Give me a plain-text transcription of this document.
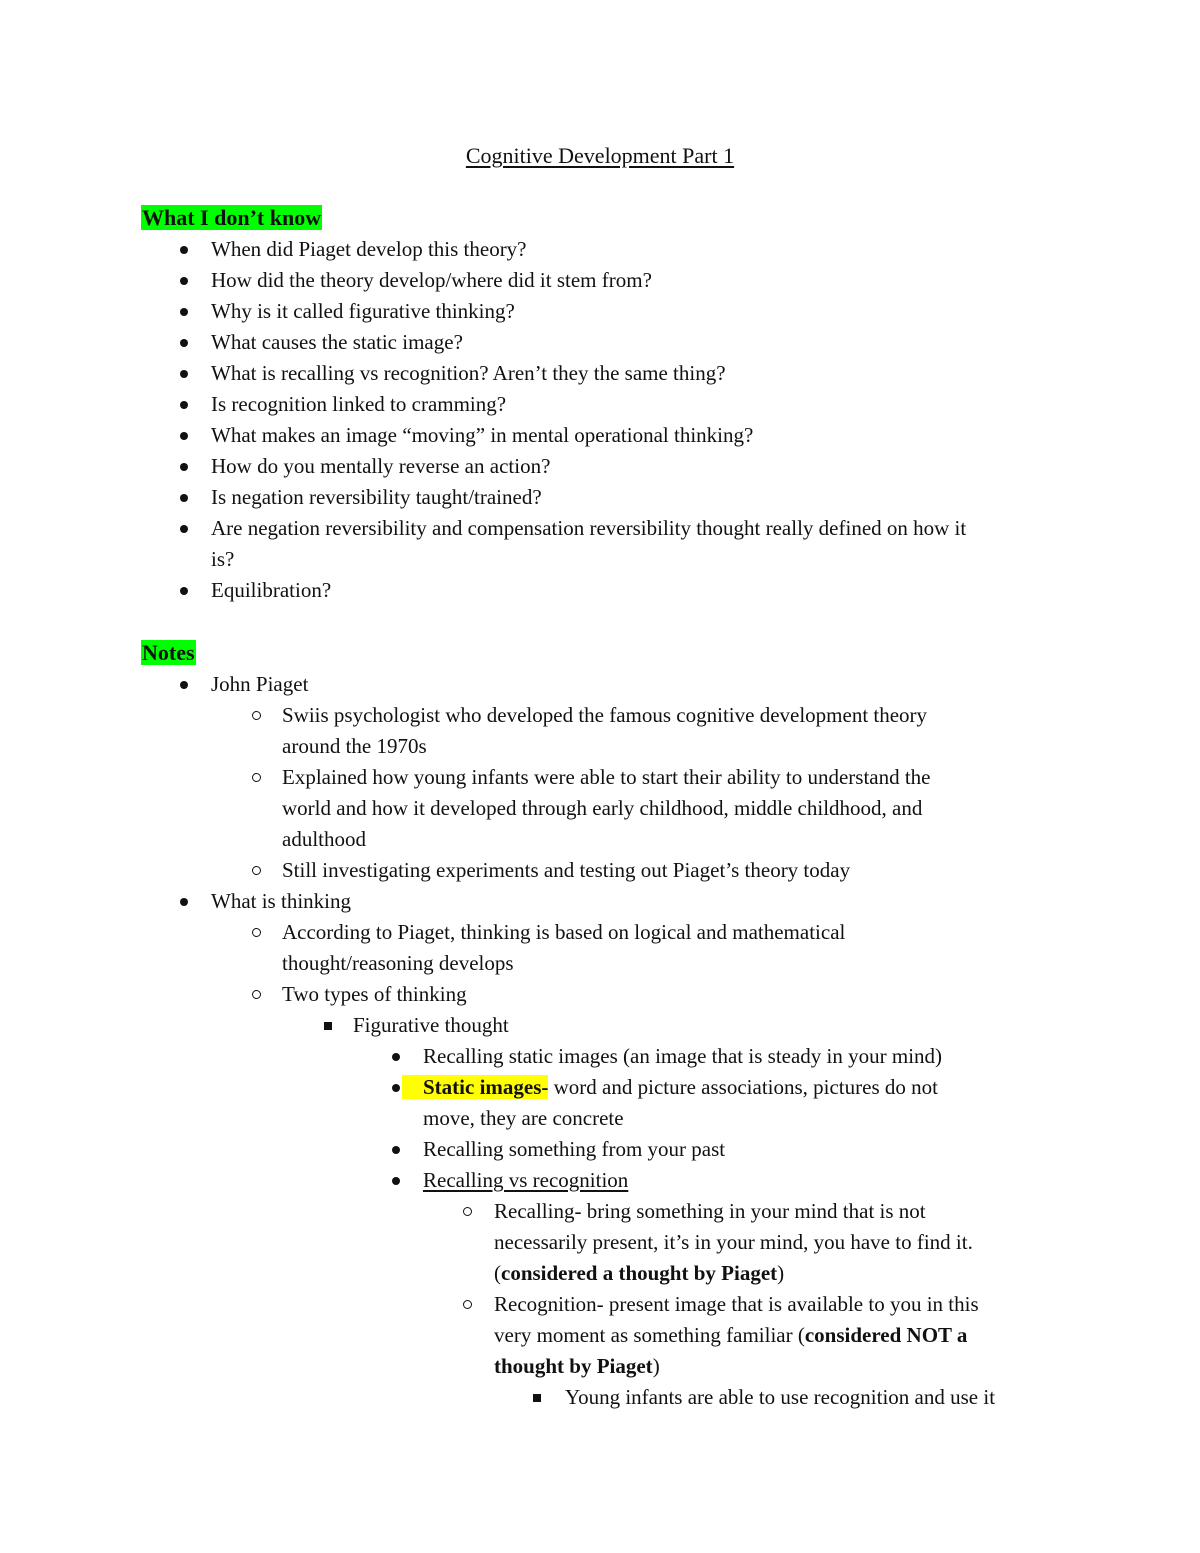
Cognitive Development Part 1
What I don’t know
When did Piaget develop this theory?
How did the theory develop/where did it stem from?
Why is it called figurative thinking?
What causes the static image?
What is recalling vs recognition? Aren’t they the same thing?
Is recognition linked to cramming?
What makes an image “moving” in mental operational thinking?
How do you mentally reverse an action?
Is negation reversibility taught/trained?
Are negation reversibility and compensation reversibility thought really defined on how it
is?
Equilibration?
Notes
John Piaget
Swiis psychologist who developed the famous cognitive development theory
around the 1970s
Explained how young infants were able to start their ability to understand the
world and how it developed through early childhood, middle childhood, and
adulthood
Still investigating experiments and testing out Piaget’s theory today
What is thinking
According to Piaget, thinking is based on logical and mathematical
thought/reasoning develops
Two types of thinking
Figurative thought
Recalling static images (an image that is steady in your mind)
Static images- word and picture associations, pictures do not
move, they are concrete
Recalling something from your past
Recalling vs recognition
Recalling- bring something in your mind that is not
necessarily present, it’s in your mind, you have to find it.
(considered a thought by Piaget)
Recognition- present image that is available to you in this
very moment as something familiar (considered NOT a
thought by Piaget)
Young infants are able to use recognition and use it
